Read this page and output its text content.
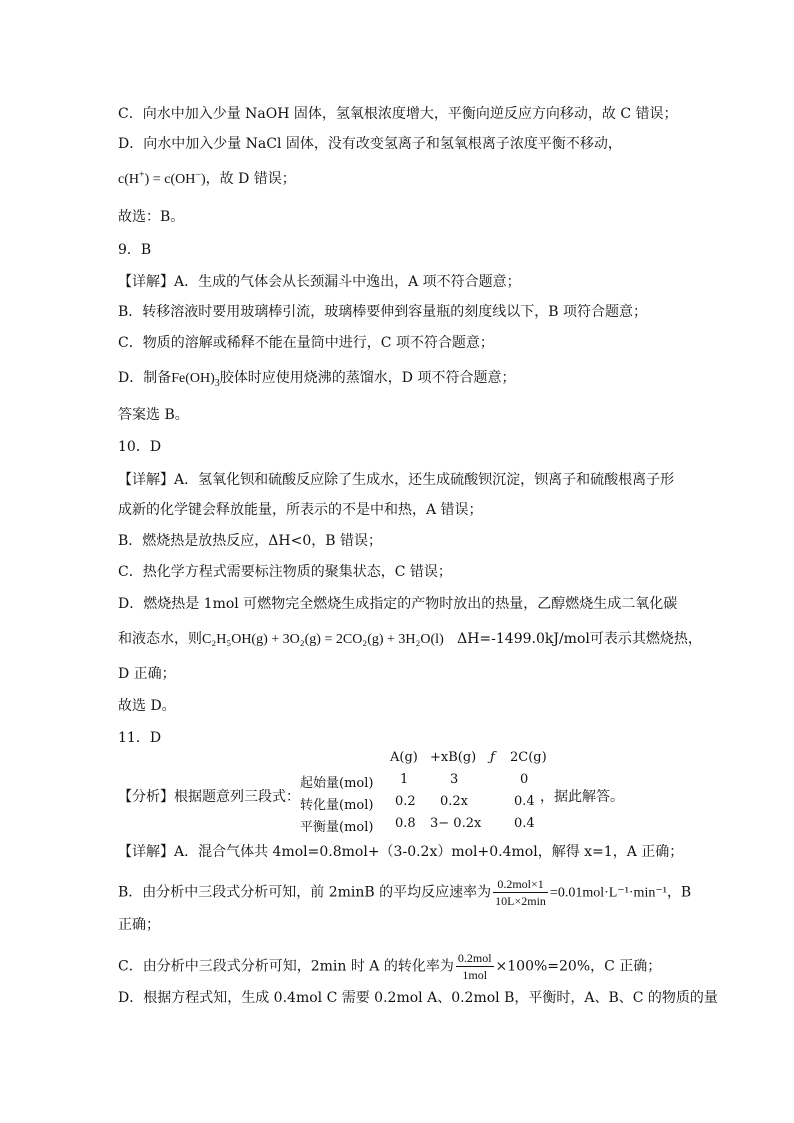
C．向水中加入少量 NaOH 固体，氢氧根浓度增大，平衡向逆反应方向移动，故 C 错误；
D．向水中加入少量 NaCl 固体，没有改变氢离子和氢氧根离子浓度平衡不移动，
c(H+) = c(OH−)，故 D 错误；
故选：B。
9．B
【详解】A．生成的气体会从长颈漏斗中逸出，A 项不符合题意；
B．转移溶液时要用玻璃棒引流，玻璃棒要伸到容量瓶的刻度线以下，B 项符合题意；
C．物质的溶解或稀释不能在量筒中进行，C 项不符合题意；
D．制备$Fe(OH)_3$胶体时应使用烧沸的蒸馏水，D 项不符合题意；
答案选 B。
10．D
【详解】A．氢氧化钡和硫酸反应除了生成水，还生成硫酸钡沉淀，钡离子和硫酸根离子形
成新的化学键会释放能量，所表示的不是中和热，A 错误；
B．燃烧热是放热反应，ΔH<0，B 错误；
C．热化学方程式需要标注物质的聚集状态，C 错误；
D．燃烧热是 1mol 可燃物完全燃烧生成指定的产物时放出的热量，乙醇燃烧生成二氧化碳
和液态水，则C₂H₅OH(g) + 3O₂(g) = 2CO₂(g) + 3H₂O(l) ΔH=-1499.0kJ/mol可表示其燃烧热，
D 正确；
故选 D。
11．D
【分析】根据题意列三段式：
A(g) +xB(g) ƒ 2C(g)
起始量(mol) 1	3	0
转化量(mol) 0.2 0.2x	0.4
平衡量(mol) 0.8 3− 0.2x	0.4
，据此解答。
【详解】A．混合气体共 4mol=0.8mol+（3-0.2x）mol+0.4mol，解得 x=1，A 正确；
B．由分析中三段式分析可知，前 2minB 的平均反应速率为 $\frac{\text{0.2mol×1}}{10L\times 2\min} =0.01mol\cdot L^{-1}\cdot\min^{-1}$，B
正确；
C．由分析中三段式分析可知，2min 时 A 的转化率为 $\frac{\text{0.2mol}}{\text{1mol}} \times 100\%=20\%$，C 正确；
D．根据方程式知，生成 0.4mol C 需要 0.2mol A、0.2mol B，平衡时，A、B、C 的物质的量
